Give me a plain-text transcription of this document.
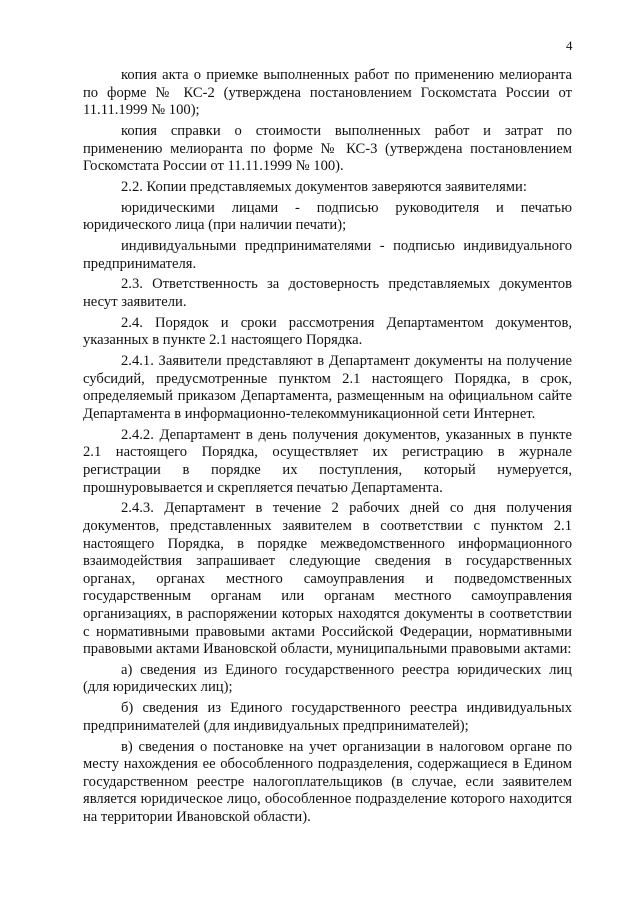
4

копия акта о приемке выполненных работ по применению мелиоранта по форме № КС-2 (утверждена постановлением Госкомстата России от 11.11.1999 № 100);

копия справки о стоимости выполненных работ и затрат по применению мелиоранта по форме № КС-3 (утверждена постановлением Госкомстата России от 11.11.1999 № 100).

2.2. Копии представляемых документов заверяются заявителями:

юридическими лицами - подписью руководителя и печатью юридического лица (при наличии печати);

индивидуальными предпринимателями - подписью индивидуального предпринимателя.

2.3. Ответственность за достоверность представляемых документов несут заявители.

2.4. Порядок и сроки рассмотрения Департаментом документов, указанных в пункте 2.1 настоящего Порядка.

2.4.1. Заявители представляют в Департамент документы на получение субсидий, предусмотренные пунктом 2.1 настоящего Порядка, в срок, определяемый приказом Департамента, размещенным на официальном сайте Департамента в информационно-телекоммуникационной сети Интернет.

2.4.2. Департамент в день получения документов, указанных в пункте 2.1 настоящего Порядка, осуществляет их регистрацию в журнале регистрации в порядке их поступления, который нумеруется, прошнуровывается и скрепляется печатью Департамента.

2.4.3. Департамент в течение 2 рабочих дней со дня получения документов, представленных заявителем в соответствии с пунктом 2.1 настоящего Порядка, в порядке межведомственного информационного взаимодействия запрашивает следующие сведения в государственных органах, органах местного самоуправления и подведомственных государственным органам или органам местного самоуправления организациях, в распоряжении которых находятся документы в соответствии с нормативными правовыми актами Российской Федерации, нормативными правовыми актами Ивановской области, муниципальными правовыми актами:

а) сведения из Единого государственного реестра юридических лиц (для юридических лиц);

б) сведения из Единого государственного реестра индивидуальных предпринимателей (для индивидуальных предпринимателей);

в) сведения о постановке на учет организации в налоговом органе по месту нахождения ее обособленного подразделения, содержащиеся в Едином государственном реестре налогоплательщиков (в случае, если заявителем является юридическое лицо, обособленное подразделение которого находится на территории Ивановской области).
